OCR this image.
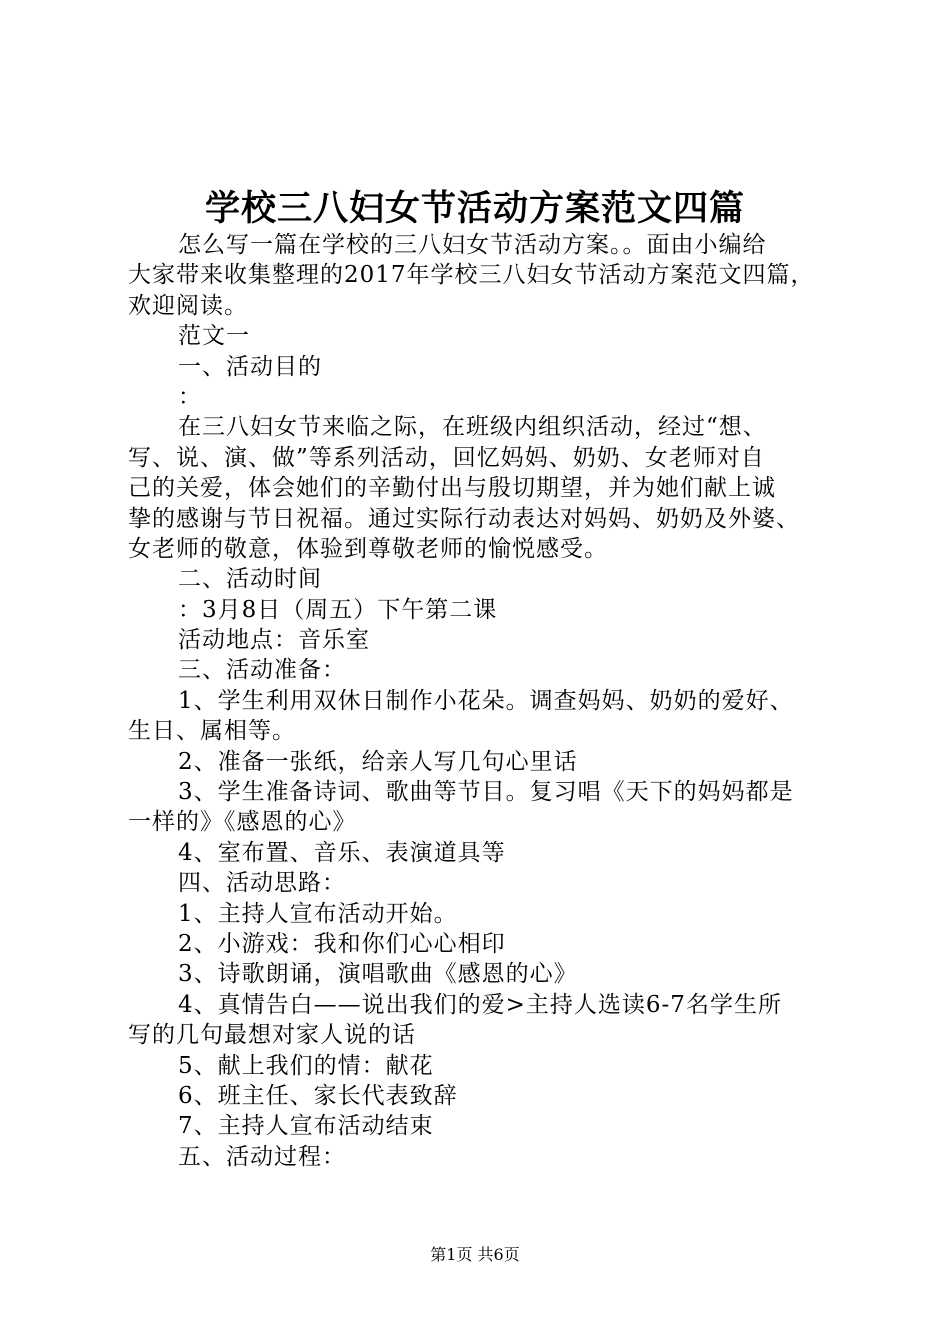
学校三八妇女节活动方案范文四篇
怎么写一篇在学校的三八妇女节活动方案。。面由小编给
大家带来收集整理的2017年学校三八妇女节活动方案范文四篇，
欢迎阅读。
范文一
一、活动目的
：
在三八妇女节来临之际，在班级内组织活动，经过“想、
写、说、演、做”等系列活动，回忆妈妈、奶奶、女老师对自
己的关爱，体会她们的辛勤付出与殷切期望，并为她们献上诚
挚的感谢与节日祝福。通过实际行动表达对妈妈、奶奶及外婆、
女老师的敬意，体验到尊敬老师的愉悦感受。
二、活动时间
：3月8日（周五）下午第二课
活动地点：音乐室
三、活动准备：
1、学生利用双休日制作小花朵。调查妈妈、奶奶的爱好、
生日、属相等。
2、准备一张纸，给亲人写几句心里话
3、学生准备诗词、歌曲等节目。复习唱《天下的妈妈都是
一样的》《感恩的心》
4、室布置、音乐、表演道具等
四、活动思路：
1、主持人宣布活动开始。
2、小游戏：我和你们心心相印
3、诗歌朗诵，演唱歌曲《感恩的心》
4、真情告白——说出我们的爱>主持人选读6-7名学生所
写的几句最想对家人说的话
5、献上我们的情：献花
6、班主任、家长代表致辞
7、主持人宣布活动结束
五、活动过程：
第1页 共6页
